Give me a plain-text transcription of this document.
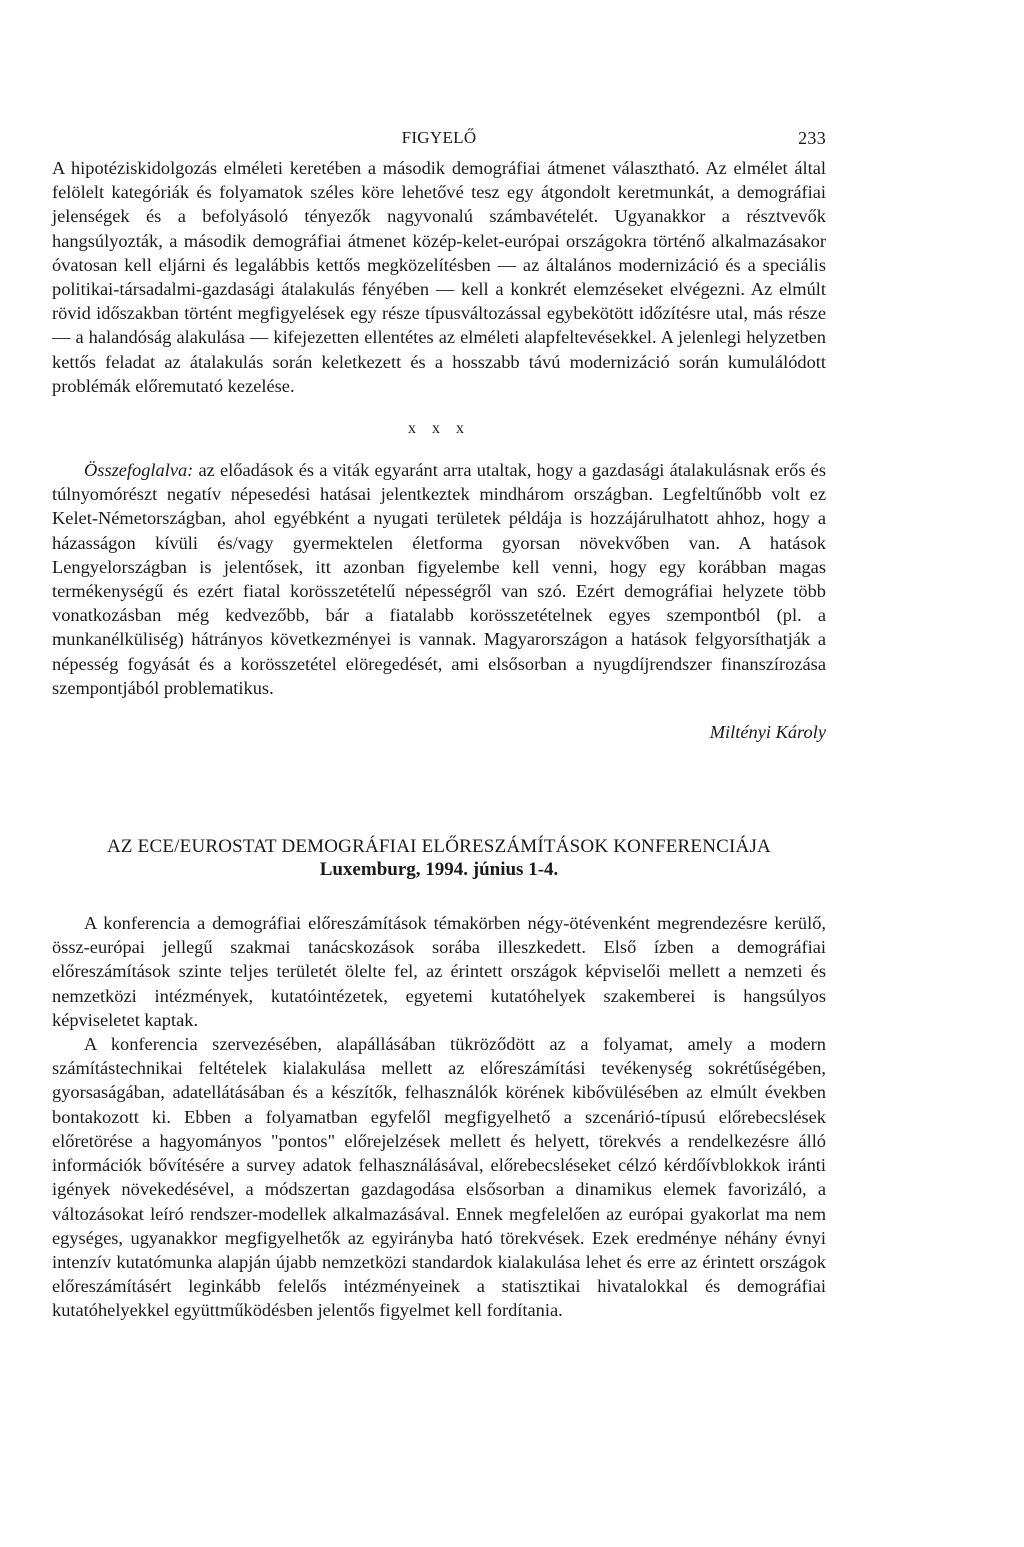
FIGYELŐ	233

A hipotéziskidolgozás elméleti keretében a második demográfiai átmenet választható. Az elmélet által felölelt kategóriák és folyamatok széles köre lehetővé tesz egy átgondolt keretmunkát, a demográfiai jelenségek és a befolyásoló tényezők nagyvonalú számbavételét. Ugyanakkor a résztvevők hangsúlyozták, a második demográfiai átmenet közép-kelet-európai országokra történő alkalmazásakor óvatosan kell eljárni és legalábbis kettős megközelítésben — az általános modernizáció és a speciális politikai-társadalmi-gazdasági átalakulás fényében — kell a konkrét elemzéseket elvégezni. Az elmúlt rövid időszakban történt megfigyelések egy része típusváltozással egybekötött időzítésre utal, más része — a halandóság alakulása — kifejezetten ellentétes az elméleti alapfeltevésekkel. A jelenlegi helyzetben kettős feladat az átalakulás során keletkezett és a hosszabb távú modernizáció során kumulálódott problémák előremutató kezelése.

x x x

Összefoglalva: az előadások és a viták egyaránt arra utaltak, hogy a gazdasági átalakulásnak erős és túlnyomórészt negatív népesedési hatásai jelentkeztek mindhárom országban. Legfeltűnőbb volt ez Kelet-Németországban, ahol egyébként a nyugati területek példája is hozzájárulhatott ahhoz, hogy a házasságon kívüli és/vagy gyermektelen életforma gyorsan növekvőben van. A hatások Lengyelországban is jelentősek, itt azonban figyelembe kell venni, hogy egy korábban magas termékenységű és ezért fiatal korösszetételű népességről van szó. Ezért demográfiai helyzete több vonatkozásban még kedvezőbb, bár a fiatalabb korösszetételnek egyes szempontból (pl. a munkanélküliség) hátrányos következményei is vannak. Magyarországon a hatások felgyorsíthatják a népesség fogyását és a korösszetétel elöregedését, ami elsősorban a nyugdíjrendszer finanszírozása szempontjából problematikus.

Miltényi Károly
AZ ECE/EUROSTAT DEMOGRÁFIAI ELŐRESZÁMÍTÁSOK KONFERENCIÁJA
Luxemburg, 1994. június 1-4.

A konferencia a demográfiai előreszámítások témakörben négy-ötévenként megrendezésre kerülő, össz-európai jellegű szakmai tanácskozások sorába illeszkedett. Első ízben a demográfiai előreszámítások szinte teljes területét ölelte fel, az érintett országok képviselői mellett a nemzeti és nemzetközi intézmények, kutatóintézetek, egyetemi kutatóhelyek szakemberei is hangsúlyos képviseletet kaptak.

A konferencia szervezésében, alapállásában tükröződött az a folyamat, amely a modern számítástechnikai feltételek kialakulása mellett az előreszámítási tevékenység sokrétűségében, gyorsaságában, adatellátásában és a készítők, felhasználók körének kibővülésében az elmúlt években bontakozott ki. Ebben a folyamatban egyfelől megfigyelhető a szcenárió-típusú előrebecslések előretörése a hagyományos "pontos" előrejelzések mellett és helyett, törekvés a rendelkezésre álló információk bővítésére a survey adatok felhasználásával, előrebecsléseket célzó kérdőívblokkok iránti igények növekedésével, a módszertan gazdagodása elsősorban a dinamikus elemek favorizáló, a változásokat leíró rendszer-modellek alkalmazásával. Ennek megfelelően az európai gyakorlat ma nem egységes, ugyanakkor megfigyelhetők az egyirányba ható törekvések. Ezek eredménye néhány évnyi intenzív kutatómunka alapján újabb nemzetközi standardok kialakulása lehet és erre az érintett országok előreszámításért leginkább felelős intézményeinek a statisztikai hivatalokkal és demográfiai kutatóhelyekkel együttműködésben jelentős figyelmet kell fordítania.
